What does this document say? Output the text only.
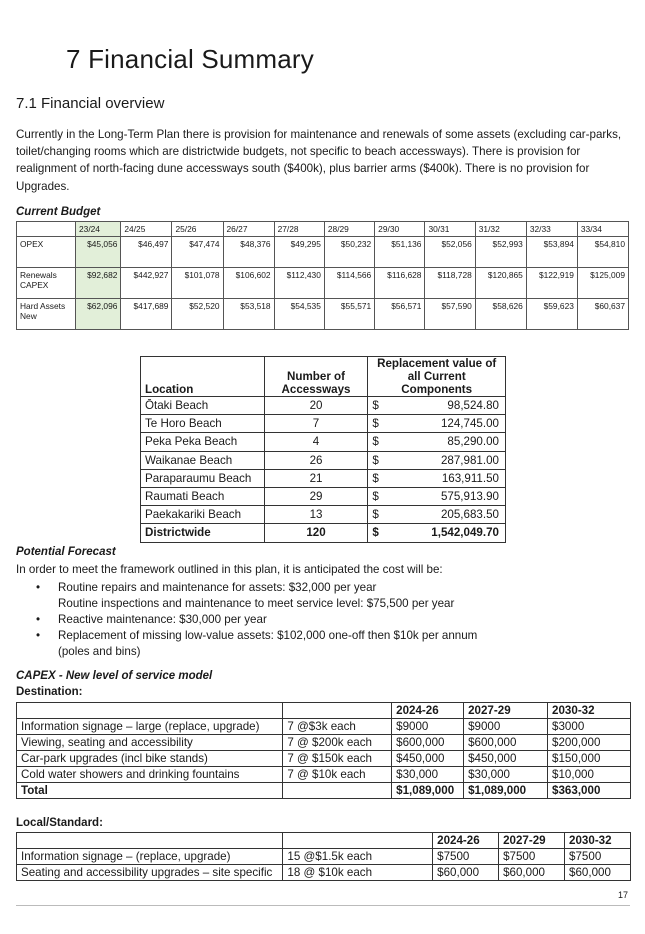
7 Financial Summary
7.1 Financial overview

Currently in the Long-Term Plan there is provision for maintenance and renewals of some assets (excluding car-parks, toilet/changing rooms which are districtwide budgets, not specific to beach accessways). There is provision for realignment of north-facing dune accessways south ($400k), plus barrier arms ($400k). There is no provision for Upgrades.

Current Budget
	23/24	24/25	25/26	26/27	27/28	28/29	29/30	30/31	31/32	32/33	33/34
OPEX	$45,056	$46,497	$47,474	$48,376	$49,295	$50,232	$51,136	$52,056	$52,993	$53,894	$54,810
Renewals CAPEX	$92,682	$442,927	$101,078	$106,602	$112,430	$114,566	$116,628	$118,728	$120,865	$122,919	$125,009
Hard Assets New	$62,096	$417,689	$52,520	$53,518	$54,535	$55,571	$56,571	$57,590	$58,626	$59,623	$60,637
Location	Number of Accessways	Replacement value of all Current Components
Ōtaki Beach	20	$ 98,524.80

Te Horo Beach	7	$ 124,745.00

Peka Peka Beach	4	$ 85,290.00

Waikanae Beach	26	$ 287,981.00

Paraparaumu Beach	21	$ 163,911.50

Raumati Beach	29	$ 575,913.90

Paekakariki Beach	13	$ 205,683.50

Districtwide	120	$ 1,542,049.70
Potential Forecast
In order to meet the framework outlined in this plan, it is anticipated the cost will be:
• Routine repairs and maintenance for assets: $32,000 per year
Routine inspections and maintenance to meet service level: $75,500 per year
• Reactive maintenance: $30,000 per year
• Replacement of missing low-value assets: $102,000 one-off then $10k per annum
(poles and bins)
CAPEX - New level of service model
Destination:
		2024-26	2027-29	2030-32
Information signage – large (replace, upgrade)	7 @$3k each	$9000	$9000	$3000
Viewing, seating and accessibility	7 @ $200k each	$600,000	$600,000	$200,000
Car-park upgrades (incl bike stands)	7 @ $150k each	$450,000	$450,000	$150,000
Cold water showers and drinking fountains	7 @ $10k each	$30,000	$30,000	$10,000
Total		$1,089,000	$1,089,000	$363,000
Local/Standard:
		2024-26	2027-29	2030-32
Information signage – (replace, upgrade)	15 @$1.5k each	$7500	$7500	$7500
Seating and accessibility upgrades – site specific	18 @ $10k each	$60,000	$60,000	$60,000
17
